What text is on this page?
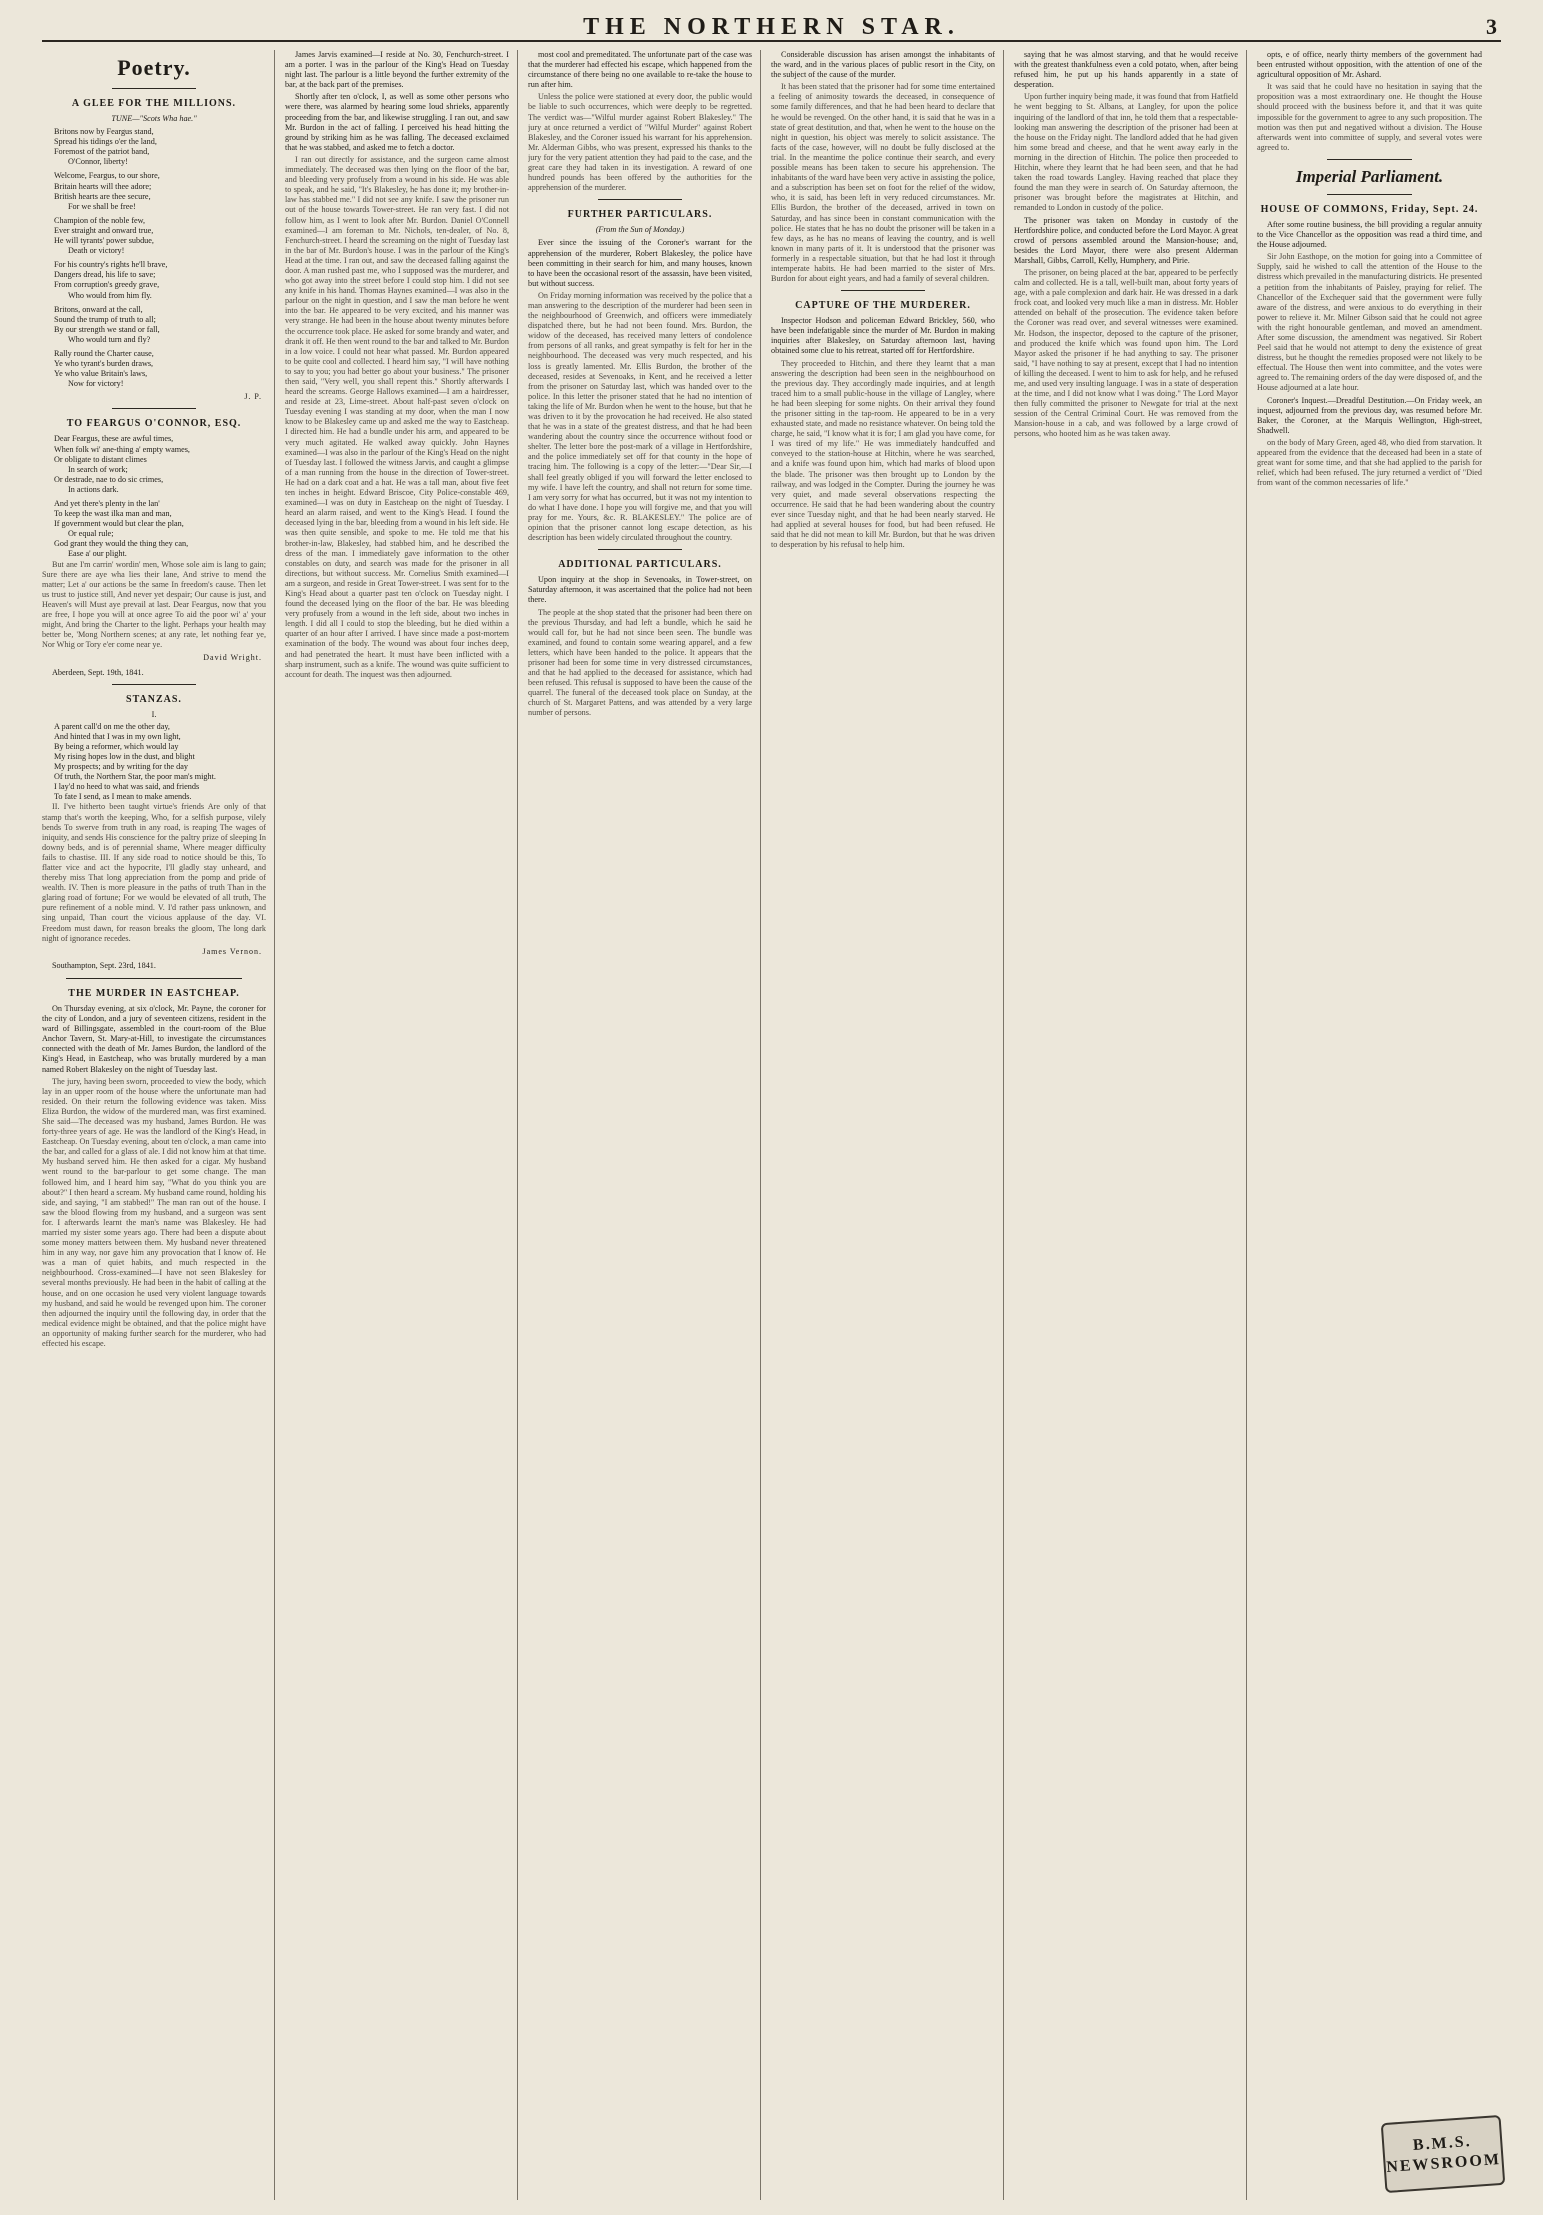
THE NORTHERN STAR.	3
Poetry.
A GLEE FOR THE MILLIONS.
TUNE—"Scots Wha hae."
Britons now by Feargus stand,
Spread his tidings o'er the land,
Foremost of the patriot band,
O'Connor, liberty!
Welcome, Feargus, to our shore,
Britain hearts will thee adore;
British hearts are thee secure,
For we shall be free!
Champion of the noble few,
Ever straight and onward true,
He will tyrants' power subdue,
Death or victory!
For his country's rights he'll brave,
Dangers dread, his life to save;
From corruption's greedy grave,
Who would from him fly.
Britons, onward at the call,
Sound the trump of truth to all;
By our strength we stand or fall,
Who would turn and fly?
Rally round the Charter cause,
Ye who tyrant's burden draws,
Ye who value Britain's laws,
Now for victory!
J. P.
TO FEARGUS O'CONNOR, ESQ.
Dear Feargus, these are awful times,
When folk wi' ane-thing a' empty wames,
Or obligate to distant climes
In search of work;
Or destrade, nae to do sic crimes,
In actions dark.
And yet there's plenty in the lan'
To keep the wast ilka man and man,
If government would but clear the plan,
Or equal rule;
God grant they would the thing they can,
Ease a' our plight.
But ane I'm carrin' wordin' men, Whose sole aim is lang to gain; Sure there are aye wha lies their lane, And strive to mend the matter; Let a' our actions be the same In freedom's cause. Then let us trust to justice still, And never yet despair; Our cause is just, and Heaven's will Must aye prevail at last. Dear Feargus, now that you are free, I hope you will at once agree To aid the poor wi' a' your might, And bring the Charter to the light. Perhaps your health may better be, 'Mong Northern scenes; at any rate, let nothing fear ye, Nor Whig or Tory e'er come near ye.
David Wright.
Aberdeen, Sept. 19th, 1841.
STANZAS.
I.
A parent call'd on me the other day,
And hinted that I was in my own light,
By being a reformer, which would lay
My rising hopes low in the dust, and blight
My prospects; and by writing for the day
Of truth, the Northern Star, the poor man's might.
I lay'd no heed to what was said, and friends
To fate I send, as I mean to make amends.
II. I've hitherto been taught virtue's friends Are only of that stamp that's worth the keeping, Who, for a selfish purpose, vilely bends To swerve from truth in any road, is reaping The wages of iniquity, and sends His conscience for the paltry prize of sleeping In downy beds, and is of perennial shame, Where meager difficulty fails to chastise. III. If any side road to notice should be this, To flatter vice and act the hypocrite, I'll gladly stay unheard, and thereby miss That long appreciation from the pomp and pride of wealth. IV. Then is more pleasure in the paths of truth Than in the glaring road of fortune; For we would be elevated of all truth, The pure refinement of a noble mind. V. I'd rather pass unknown, and sing unpaid, Than court the vicious applause of the day. VI. Freedom must dawn, for reason breaks the gloom, The long dark night of ignorance recedes.
James Vernon.
Southampton, Sept. 23rd, 1841.
THE MURDER IN EASTCHEAP.
On Thursday evening, at six o'clock, Mr. Payne, the coroner for the city of London, and a jury of seventeen citizens, resident in the ward of Billingsgate, assembled in the court-room of the Blue Anchor Tavern, St. Mary-at-Hill, to investigate the circumstances connected with the death of Mr. James Burdon, the landlord of the King's Head, in Eastcheap, who was brutally murdered by a man named Robert Blakesley on the night of Tuesday last.
The jury, having been sworn, proceeded to view the body, which lay in an upper room of the house where the unfortunate man had resided. On their return the following evidence was taken. Miss Eliza Burdon, the widow of the murdered man, was first examined. She said—The deceased was my husband, James Burdon. He was forty-three years of age. He was the landlord of the King's Head, in Eastcheap. On Tuesday evening, about ten o'clock, a man came into the bar, and called for a glass of ale. I did not know him at that time. My husband served him. He then asked for a cigar. My husband went round to the bar-parlour to get some change. The man followed him, and I heard him say, "What do you think you are about?" I then heard a scream. My husband came round, holding his side, and saying, "I am stabbed!" The man ran out of the house. I saw the blood flowing from my husband, and a surgeon was sent for. I afterwards learnt the man's name was Blakesley. He had married my sister some years ago. There had been a dispute about some money matters between them. My husband never threatened him in any way, nor gave him any provocation that I know of. He was a man of quiet habits, and much respected in the neighbourhood. Cross-examined—I have not seen Blakesley for several months previously. He had been in the habit of calling at the house, and on one occasion he used very violent language towards my husband, and said he would be revenged upon him. The coroner then adjourned the inquiry until the following day, in order that the medical evidence might be obtained, and that the police might have an opportunity of making further search for the murderer, who had effected his escape.
James Jarvis examined—I reside at No. 30, Fenchurch-street. I am a porter. I was in the parlour of the King's Head on Tuesday night last. The parlour is a little beyond the further extremity of the bar, at the back part of the premises.
Shortly after ten o'clock, I, as well as some other persons who were there, was alarmed by hearing some loud shrieks, apparently proceeding from the bar, and likewise struggling. I ran out, and saw Mr. Burdon in the act of falling. I perceived his head hitting the ground by striking him as he was falling. The deceased exclaimed that he was stabbed, and asked me to fetch a doctor.
I ran out directly for assistance, and the surgeon came almost immediately. The deceased was then lying on the floor of the bar, and bleeding very profusely from a wound in his side. He was able to speak, and he said, "It's Blakesley, he has done it; my brother-in-law has stabbed me." I did not see any knife. I saw the prisoner run out of the house towards Tower-street. He ran very fast. I did not follow him, as I went to look after Mr. Burdon. Daniel O'Connell examined—I am foreman to Mr. Nichols, ten-dealer, of No. 8, Fenchurch-street. I heard the screaming on the night of Tuesday last in the bar of Mr. Burdon's house. I was in the parlour of the King's Head at the time. I ran out, and saw the deceased falling against the door. A man rushed past me, who I supposed was the murderer, and who got away into the street before I could stop him. I did not see any knife in his hand. Thomas Haynes examined—I was also in the parlour on the night in question, and I saw the man before he went into the bar. He appeared to be very excited, and his manner was very strange. He had been in the house about twenty minutes before the occurrence took place. He asked for some brandy and water, and drank it off. He then went round to the bar and talked to Mr. Burdon in a low voice. I could not hear what passed. Mr. Burdon appeared to be quite cool and collected. I heard him say, "I will have nothing to say to you; you had better go about your business." The prisoner then said, "Very well, you shall repent this." Shortly afterwards I heard the screams. George Hallows examined—I am a hairdresser, and reside at 23, Lime-street. About half-past seven o'clock on Tuesday evening I was standing at my door, when the man I now know to be Blakesley came up and asked me the way to Eastcheap. I directed him. He had a bundle under his arm, and appeared to be very much agitated. He walked away quickly. John Haynes examined—I was also in the parlour of the King's Head on the night of Tuesday last. I followed the witness Jarvis, and caught a glimpse of a man running from the house in the direction of Tower-street. He had on a dark coat and a hat. He was a tall man, about five feet ten inches in height. Edward Briscoe, City Police-constable 469, examined—I was on duty in Eastcheap on the night of Tuesday. I heard an alarm raised, and went to the King's Head. I found the deceased lying in the bar, bleeding from a wound in his left side. He was then quite sensible, and spoke to me. He told me that his brother-in-law, Blakesley, had stabbed him, and he described the dress of the man. I immediately gave information to the other constables on duty, and search was made for the prisoner in all directions, but without success. Mr. Cornelius Smith examined—I am a surgeon, and reside in Great Tower-street. I was sent for to the King's Head about a quarter past ten o'clock on Tuesday night. I found the deceased lying on the floor of the bar. He was bleeding very profusely from a wound in the left side, about two inches in length. I did all I could to stop the bleeding, but he died within a quarter of an hour after I arrived. I have since made a post-mortem examination of the body. The wound was about four inches deep, and had penetrated the heart. It must have been inflicted with a sharp instrument, such as a knife. The wound was quite sufficient to account for death. The inquest was then adjourned.
most cool and premeditated. The unfortunate part of the case was that the murderer had effected his escape, which happened from the circumstance of there being no one available to re-take the house to run after him.
Unless the police were stationed at every door, the public would be liable to such occurrences, which were deeply to be regretted. The verdict was—"Wilful murder against Robert Blakesley." The jury at once returned a verdict of "Wilful Murder" against Robert Blakesley, and the Coroner issued his warrant for his apprehension. Mr. Alderman Gibbs, who was present, expressed his thanks to the jury for the very patient attention they had paid to the case, and the great care they had taken in its investigation. A reward of one hundred pounds has been offered by the authorities for the apprehension of the murderer.
FURTHER PARTICULARS.
(From the Sun of Monday.)
Ever since the issuing of the Coroner's warrant for the apprehension of the murderer, Robert Blakesley, the police have been committing in their search for him, and many houses, known to have been the occasional resort of the assassin, have been visited, but without success.
On Friday morning information was received by the police that a man answering to the description of the murderer had been seen in the neighbourhood of Greenwich, and officers were immediately dispatched there, but he had not been found. Mrs. Burdon, the widow of the deceased, has received many letters of condolence from persons of all ranks, and great sympathy is felt for her in the neighbourhood. The deceased was very much respected, and his loss is greatly lamented. Mr. Ellis Burdon, the brother of the deceased, resides at Sevenoaks, in Kent, and he received a letter from the prisoner on Saturday last, which was handed over to the police. In this letter the prisoner stated that he had no intention of taking the life of Mr. Burdon when he went to the house, but that he was driven to it by the provocation he had received. He also stated that he was in a state of the greatest distress, and that he had been wandering about the country since the occurrence without food or shelter. The letter bore the post-mark of a village in Hertfordshire, and the police immediately set off for that county in the hope of tracing him. The following is a copy of the letter:—"Dear Sir,—I shall feel greatly obliged if you will forward the letter enclosed to my wife. I have left the country, and shall not return for some time. I am very sorry for what has occurred, but it was not my intention to do what I have done. I hope you will forgive me, and that you will pray for me. Yours, &c. R. BLAKESLEY." The police are of opinion that the prisoner cannot long escape detection, as his description has been widely circulated throughout the country.
ADDITIONAL PARTICULARS.
Upon inquiry at the shop in Sevenoaks, in Tower-street, on Saturday afternoon, it was ascertained that the police had not been there.
The people at the shop stated that the prisoner had been there on the previous Thursday, and had left a bundle, which he said he would call for, but he had not since been seen. The bundle was examined, and found to contain some wearing apparel, and a few letters, which have been handed to the police. It appears that the prisoner had been for some time in very distressed circumstances, and that he had applied to the deceased for assistance, which had been refused. This refusal is supposed to have been the cause of the quarrel. The funeral of the deceased took place on Sunday, at the church of St. Margaret Pattens, and was attended by a very large number of persons.
Considerable discussion has arisen amongst the inhabitants of the ward, and in the various places of public resort in the City, on the subject of the cause of the murder.
It has been stated that the prisoner had for some time entertained a feeling of animosity towards the deceased, in consequence of some family differences, and that he had been heard to declare that he would be revenged. On the other hand, it is said that he was in a state of great destitution, and that, when he went to the house on the night in question, his object was merely to solicit assistance. The facts of the case, however, will no doubt be fully disclosed at the trial. In the meantime the police continue their search, and every possible means has been taken to secure his apprehension. The inhabitants of the ward have been very active in assisting the police, and a subscription has been set on foot for the relief of the widow, who, it is said, has been left in very reduced circumstances. Mr. Ellis Burdon, the brother of the deceased, arrived in town on Saturday, and has since been in constant communication with the police. He states that he has no doubt the prisoner will be taken in a few days, as he has no means of leaving the country, and is well known in many parts of it. It is understood that the prisoner was formerly in a respectable situation, but that he had lost it through intemperate habits. He had been married to the sister of Mrs. Burdon for about eight years, and had a family of several children.
CAPTURE OF THE MURDERER.
Inspector Hodson and policeman Edward Brickley, 560, who have been indefatigable since the murder of Mr. Burdon in making inquiries after Blakesley, on Saturday afternoon last, having obtained some clue to his retreat, started off for Hertfordshire.
They proceeded to Hitchin, and there they learnt that a man answering the description had been seen in the neighbourhood on the previous day. They accordingly made inquiries, and at length traced him to a small public-house in the village of Langley, where he had been sleeping for some nights. On their arrival they found the prisoner sitting in the tap-room. He appeared to be in a very exhausted state, and made no resistance whatever. On being told the charge, he said, "I know what it is for; I am glad you have come, for I was tired of my life." He was immediately handcuffed and conveyed to the station-house at Hitchin, where he was searched, and a knife was found upon him, which had marks of blood upon the blade. The prisoner was then brought up to London by the railway, and was lodged in the Compter. During the journey he was very quiet, and made several observations respecting the occurrence. He said that he had been wandering about the country ever since Tuesday night, and that he had been nearly starved. He had applied at several houses for food, but had been refused. He said that he did not mean to kill Mr. Burdon, but that he was driven to desperation by his refusal to help him.
saying that he was almost starving, and that he would receive with the greatest thankfulness even a cold potato, when, after being refused him, he put up his hands apparently in a state of desperation.
Upon further inquiry being made, it was found that from Hatfield he went begging to St. Albans, at Langley, for upon the police inquiring of the landlord of that inn, he told them that a respectable-looking man answering the description of the prisoner had been at the house on the Friday night. The landlord added that he had given him some bread and cheese, and that he went away early in the morning in the direction of Hitchin. The police then proceeded to Hitchin, where they learnt that he had been seen, and that he had taken the road towards Langley. Having reached that place they found the man they were in search of. On Saturday afternoon, the prisoner was brought before the magistrates at Hitchin, and remanded to London in custody of the police.
The prisoner was taken on Monday in custody of the Hertfordshire police, and conducted before the Lord Mayor. A great crowd of persons assembled around the Mansion-house; and, besides the Lord Mayor, there were also present Alderman Marshall, Gibbs, Carroll, Kelly, Humphery, and Pirie.
The prisoner, on being placed at the bar, appeared to be perfectly calm and collected. He is a tall, well-built man, about forty years of age, with a pale complexion and dark hair. He was dressed in a dark frock coat, and looked very much like a man in distress. Mr. Hobler attended on behalf of the prosecution. The evidence taken before the Coroner was read over, and several witnesses were examined. Mr. Hodson, the inspector, deposed to the capture of the prisoner, and produced the knife which was found upon him. The Lord Mayor asked the prisoner if he had anything to say. The prisoner said, "I have nothing to say at present, except that I had no intention of killing the deceased. I went to him to ask for help, and he refused me, and used very insulting language. I was in a state of desperation at the time, and I did not know what I was doing." The Lord Mayor then fully committed the prisoner to Newgate for trial at the next session of the Central Criminal Court. He was removed from the Mansion-house in a cab, and was followed by a large crowd of persons, who hooted him as he was taken away.
opts, e of office, nearly thirty members of the government had been entrusted without opposition, with the attention of one of the agricultural opposition of Mr. Ashard.
It was said that he could have no hesitation in saying that the proposition was a most extraordinary one. He thought the House should proceed with the business before it, and that it was quite impossible for the government to agree to any such proposition. The motion was then put and negatived without a division. The House afterwards went into committee of supply, and several votes were agreed to.
Imperial Parliament.
HOUSE OF COMMONS, Friday, Sept. 24.
After some routine business, the bill providing a regular annuity to the Vice Chancellor as the opposition was read a third time, and the House adjourned.
Sir John Easthope, on the motion for going into a Committee of Supply, said he wished to call the attention of the House to the distress which prevailed in the manufacturing districts. He presented a petition from the inhabitants of Paisley, praying for relief. The Chancellor of the Exchequer said that the government were fully aware of the distress, and were anxious to do everything in their power to relieve it. Mr. Milner Gibson said that he could not agree with the right honourable gentleman, and moved an amendment. After some discussion, the amendment was negatived. Sir Robert Peel said that he would not attempt to deny the existence of great distress, but he thought the remedies proposed were not likely to be effectual. The House then went into committee, and the votes were agreed to. The remaining orders of the day were disposed of, and the House adjourned at a late hour.
Coroner's Inquest.—Dreadful Destitution.—On Friday week, an inquest, adjourned from the previous day, was resumed before Mr. Baker, the Coroner, at the Marquis Wellington, High-street, Shadwell.
on the body of Mary Green, aged 48, who died from starvation. It appeared from the evidence that the deceased had been in a state of great want for some time, and that she had applied to the parish for relief, which had been refused. The jury returned a verdict of "Died from want of the common necessaries of life."
B.M.S.
NEWSROOM
